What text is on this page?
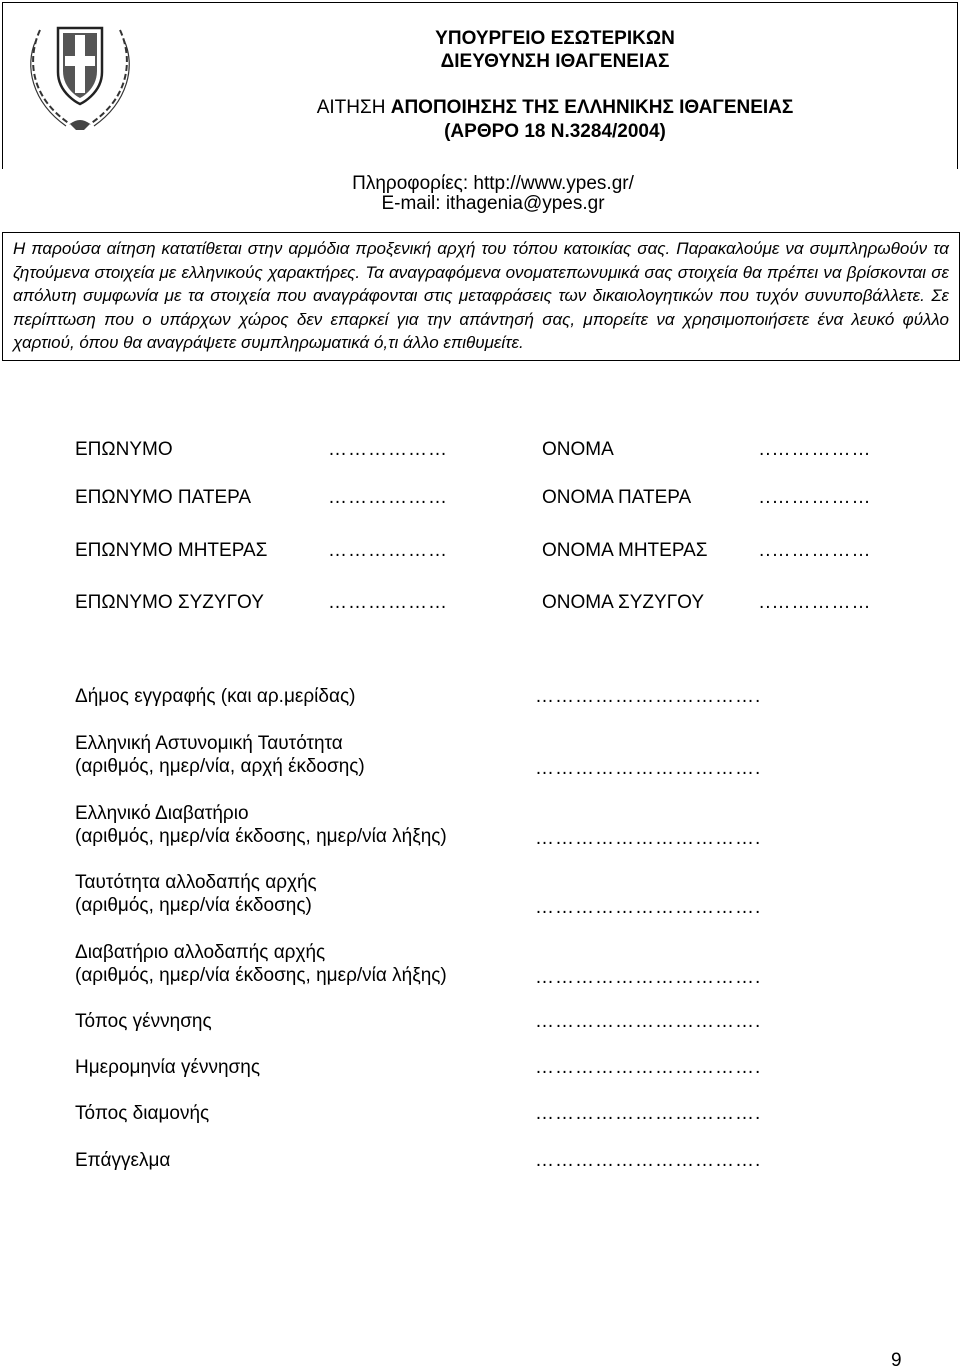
ΥΠΟΥΡΓΕΙΟ ΕΣΩΤΕΡΙΚΩΝ
ΔΙΕΥΘΥΝΣΗ ΙΘΑΓΕΝΕΙΑΣ
ΑΙΤΗΣΗ ΑΠΟΠΟΙΗΣΗΣ ΤΗΣ ΕΛΛΗΝΙΚΗΣ ΙΘΑΓΕΝΕΙΑΣ
(ΑΡΘΡΟ 18 Ν.3284/2004)
Πληροφορίες: http://www.ypes.gr/
E-mail: ithagenia@ypes.gr
Η παρούσα αίτηση κατατίθεται στην αρμόδια προξενική αρχή του τόπου κατοικίας σας. Παρακαλούμε να συμπληρωθούν τα ζητούμενα στοιχεία με ελληνικούς χαρακτήρες. Τα αναγραφόμενα ονοματεπωνυμικά σας στοιχεία θα πρέπει να βρίσκονται σε απόλυτη συμφωνία με τα στοιχεία που αναγράφονται στις μεταφράσεις των δικαιολογητικών που τυχόν συνυποβάλλετε. Σε περίπτωση που ο υπάρχων χώρος δεν επαρκεί για την απάντησή σας, μπορείτε να χρησιμοποιήσετε ένα λευκό φύλλο χαρτιού, όπου θα αναγράψετε συμπληρωματικά ό,τι άλλο επιθυμείτε.
ΕΠΩΝΥΜΟ	………………	ΟΝΟΜΑ	..……………
ΕΠΩΝΥΜΟ ΠΑΤΕΡΑ	………………	ΟΝΟΜΑ ΠΑΤΕΡΑ	..……………
ΕΠΩΝΥΜΟ ΜΗΤΕΡΑΣ	………………	ΟΝΟΜΑ ΜΗΤΕΡΑΣ	..……………
ΕΠΩΝΥΜΟ ΣΥΖΥΓΟΥ	………………	ΟΝΟΜΑ ΣΥΖΥΓΟΥ	..……………
Δήμος εγγραφής (και αρ.μερίδας)	…………………………….
Ελληνική Αστυνομική Ταυτότητα
(αριθμός, ημερ/νία, αρχή έκδοσης)	…………………………….
Ελληνικό Διαβατήριο
(αριθμός, ημερ/νία έκδοσης, ημερ/νία λήξης)	…………………………….
Ταυτότητα αλλοδαπής αρχής
(αριθμός, ημερ/νία έκδοσης)	…………………………….
Διαβατήριο αλλοδαπής αρχής
(αριθμός, ημερ/νία έκδοσης, ημερ/νία λήξης)	…………………………….
Τόπος γέννησης	…………………………….
Ημερομηνία γέννησης	…………………………….
Τόπος διαμονής	…………………………….
Επάγγελμα	…………………………….
9
